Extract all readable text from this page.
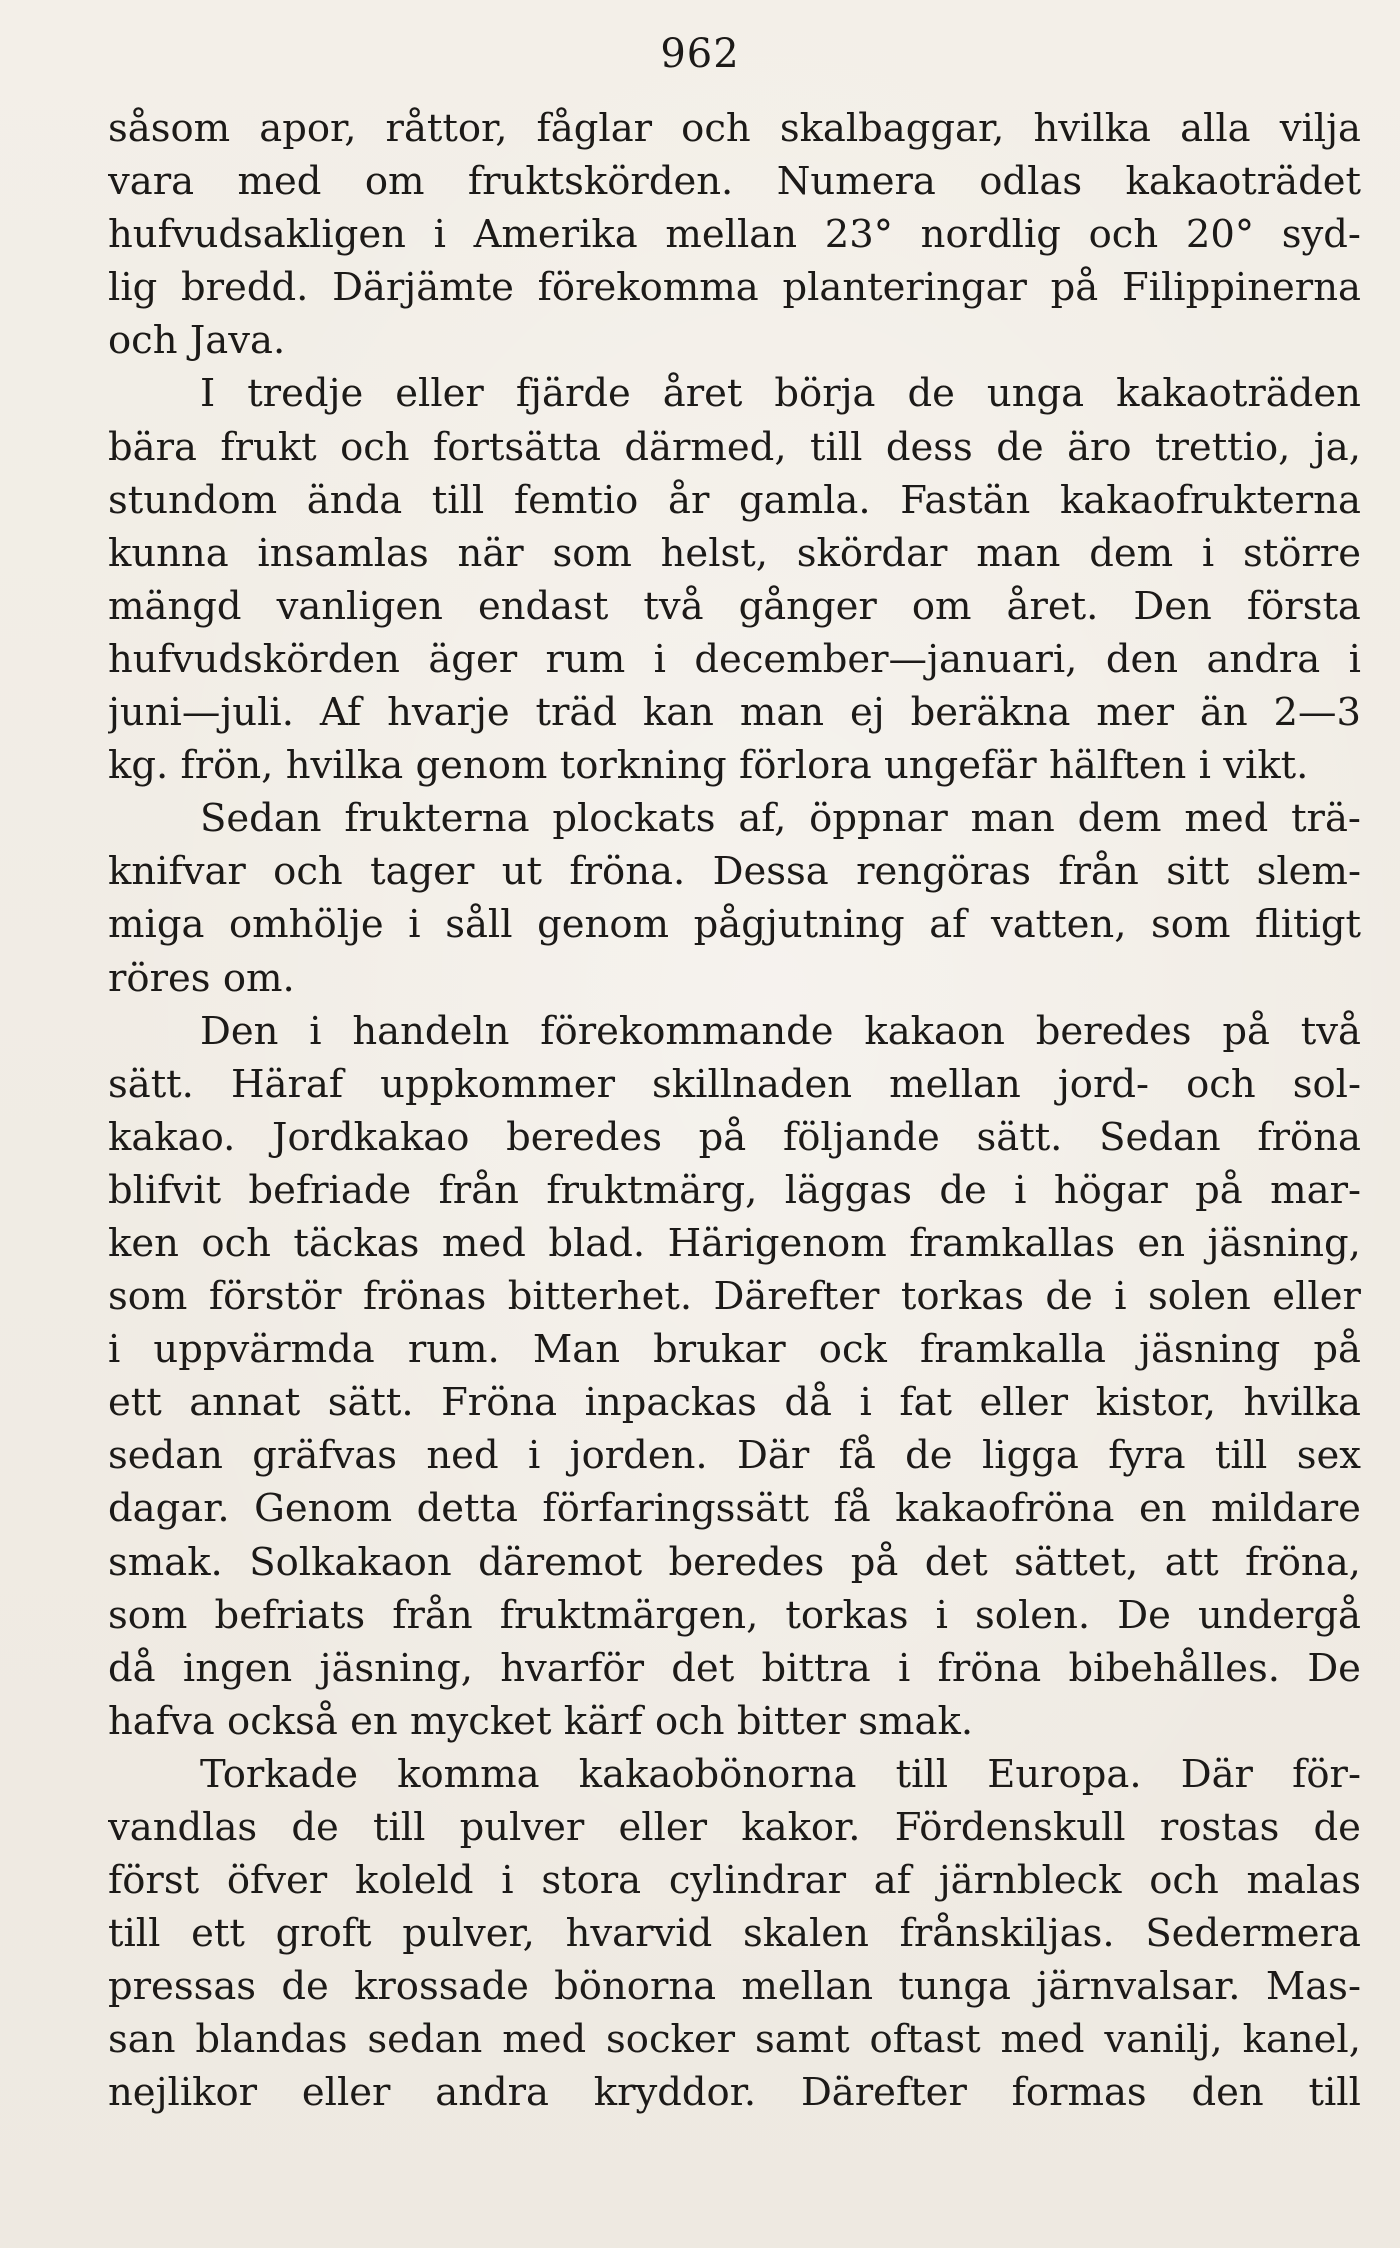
962
såsom apor, råttor, fåglar och skalbaggar, hvilka alla vilja
vara med om fruktskörden. Numera odlas kakaoträdet
hufvudsakligen i Amerika mellan 23° nordlig och 20° syd-
lig bredd. Därjämte förekomma planteringar på Filippinerna
och Java.
I tredje eller fjärde året börja de unga kakaoträden
bära frukt och fortsätta därmed, till dess de äro trettio, ja,
stundom ända till femtio år gamla. Fastän kakaofrukterna
kunna insamlas när som helst, skördar man dem i större
mängd vanligen endast två gånger om året. Den första
hufvudskörden äger rum i december—januari, den andra i
juni—juli. Af hvarje träd kan man ej beräkna mer än 2—3
kg. frön, hvilka genom torkning förlora ungefär hälften i vikt.
Sedan frukterna plockats af, öppnar man dem med trä-
knifvar och tager ut fröna. Dessa rengöras från sitt slem-
miga omhölje i såll genom pågjutning af vatten, som flitigt
röres om.
Den i handeln förekommande kakaon beredes på två
sätt. Häraf uppkommer skillnaden mellan jord- och sol-
kakao. Jordkakao beredes på följande sätt. Sedan fröna
blifvit befriade från fruktmärg, läggas de i högar på mar-
ken och täckas med blad. Härigenom framkallas en jäsning,
som förstör frönas bitterhet. Därefter torkas de i solen eller
i uppvärmda rum. Man brukar ock framkalla jäsning på
ett annat sätt. Fröna inpackas då i fat eller kistor, hvilka
sedan gräfvas ned i jorden. Där få de ligga fyra till sex
dagar. Genom detta förfaringssätt få kakaofröna en mildare
smak. Solkakaon däremot beredes på det sättet, att fröna,
som befriats från fruktmärgen, torkas i solen. De undergå
då ingen jäsning, hvarför det bittra i fröna bibehålles. De
hafva också en mycket kärf och bitter smak.
Torkade komma kakaobönorna till Europa. Där för-
vandlas de till pulver eller kakor. Fördenskull rostas de
först öfver koleld i stora cylindrar af järnbleck och malas
till ett groft pulver, hvarvid skalen frånskiljas. Sedermera
pressas de krossade bönorna mellan tunga järnvalsar. Mas-
san blandas sedan med socker samt oftast med vanilj, kanel,
nejlikor eller andra kryddor. Därefter formas den till
